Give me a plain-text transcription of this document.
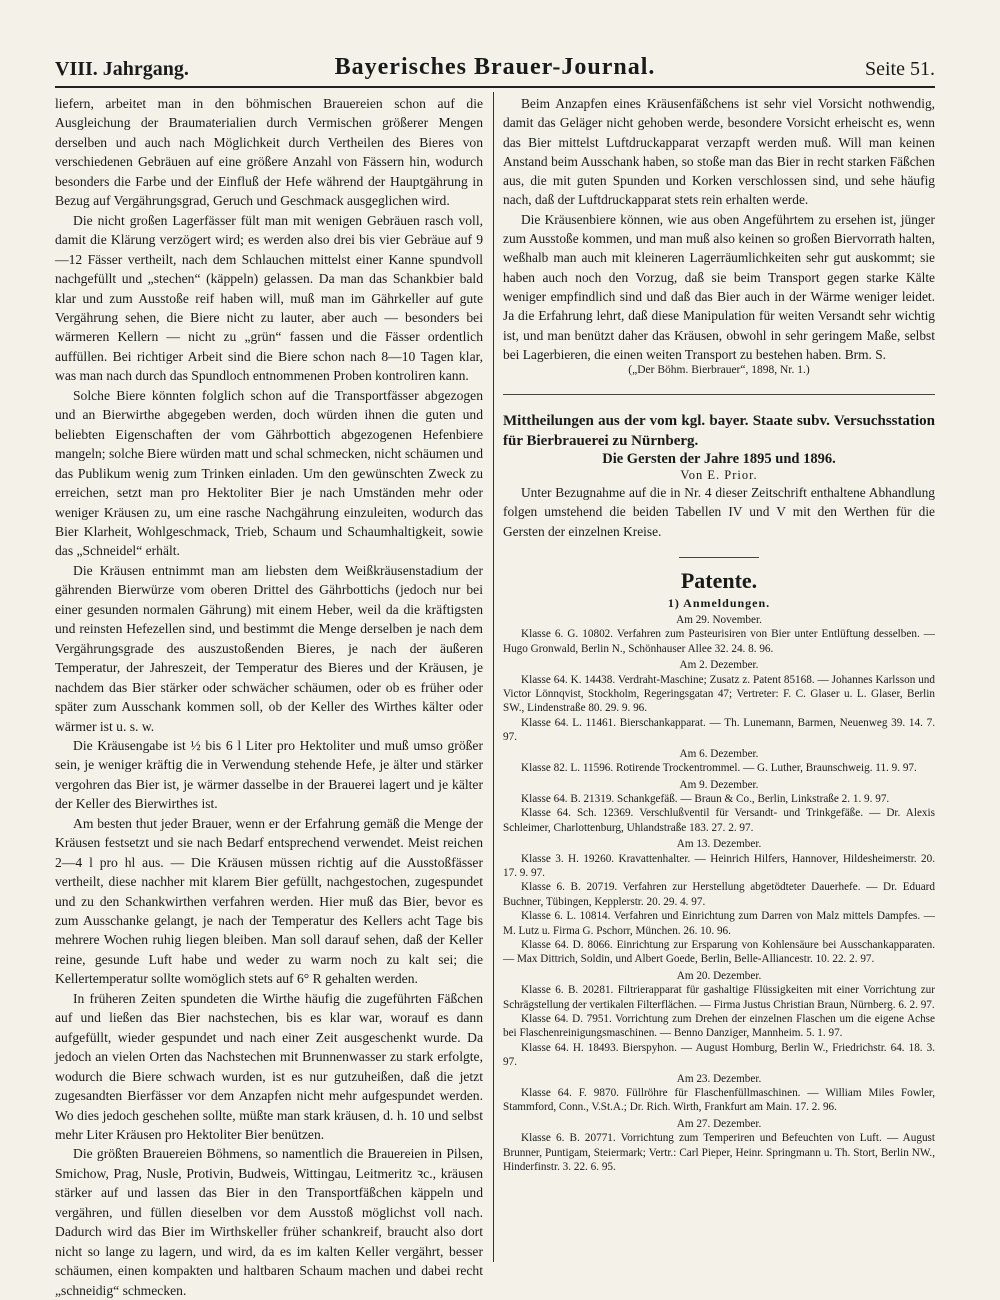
VIII. Jahrgang.	Bayerisches Brauer-Journal.	Seite 51.

liefern, arbeitet man in den böhmischen Brauereien schon auf die Ausgleichung der Braumaterialien durch Vermischen größerer Mengen derselben und auch nach Möglichkeit durch Vertheilen des Bieres von verschiedenen Gebräuen auf eine größere Anzahl von Fässern hin, wodurch besonders die Farbe und der Einfluß der Hefe während der Hauptgährung in Bezug auf Vergährungsgrad, Geruch und Geschmack ausgeglichen wird.

Die nicht großen Lagerfässer fült man mit wenigen Gebräuen rasch voll, damit die Klärung verzögert wird; es werden also drei bis vier Gebräue auf 9—12 Fässer vertheilt, nach dem Schlauchen mittelst einer Kanne spundvoll nachgefüllt und „stechen“ (käppeln) gelassen. Da man das Schankbier bald klar und zum Ausstoße reif haben will, muß man im Gährkeller auf gute Vergährung sehen, die Biere nicht zu lauter, aber auch — besonders bei wärmeren Kellern — nicht zu „grün“ fassen und die Fässer ordentlich auffüllen. Bei richtiger Arbeit sind die Biere schon nach 8—10 Tagen klar, was man nach durch das Spundloch entnommenen Proben kontroliren kann.

Solche Biere könnten folglich schon auf die Transportfässer abgezogen und an Bierwirthe abgegeben werden, doch würden ihnen die guten und beliebten Eigenschaften der vom Gährbottich abgezogenen Hefenbiere mangeln; solche Biere würden matt und schal schmecken, nicht schäumen und das Publikum wenig zum Trinken einladen. Um den gewünschten Zweck zu erreichen, setzt man pro Hektoliter Bier je nach Umständen mehr oder weniger Kräusen zu, um eine rasche Nachgährung einzuleiten, wodurch das Bier Klarheit, Wohlgeschmack, Trieb, Schaum und Schaumhaltigkeit, sowie das „Schneidel“ erhält.

Die Kräusen entnimmt man am liebsten dem Weißkräusenstadium der gährenden Bierwürze vom oberen Drittel des Gährbottichs (jedoch nur bei einer gesunden normalen Gährung) mit einem Heber, weil da die kräftigsten und reinsten Hefezellen sind, und bestimmt die Menge derselben je nach dem Vergährungsgrade des auszustoßenden Bieres, je nach der äußeren Temperatur, der Jahreszeit, der Temperatur des Bieres und der Kräusen, je nachdem das Bier stärker oder schwächer schäumen, oder ob es früher oder später zum Ausschank kommen soll, ob der Keller des Wirthes kälter oder wärmer ist u. s. w.

Die Kräusengabe ist ½ bis 6 l Liter pro Hektoliter und muß umso größer sein, je weniger kräftig die in Verwendung stehende Hefe, je älter und stärker vergohren das Bier ist, je wärmer dasselbe in der Brauerei lagert und je kälter der Keller des Bierwirthes ist.

Am besten thut jeder Brauer, wenn er der Erfahrung gemäß die Menge der Kräusen festsetzt und sie nach Bedarf entsprechend verwendet. Meist reichen 2—4 l pro hl aus. — Die Kräusen müssen richtig auf die Ausstoßfässer vertheilt, diese nachher mit klarem Bier gefüllt, nachgestochen, zugespundet und zu den Schankwirthen verfahren werden. Hier muß das Bier, bevor es zum Ausschanke gelangt, je nach der Temperatur des Kellers acht Tage bis mehrere Wochen ruhig liegen bleiben. Man soll darauf sehen, daß der Keller reine, gesunde Luft habe und weder zu warm noch zu kalt sei; die Kellertemperatur sollte womöglich stets auf 6° R gehalten werden.

In früheren Zeiten spundeten die Wirthe häufig die zugeführten Fäßchen auf und ließen das Bier nachstechen, bis es klar war, worauf es dann aufgefüllt, wieder gespundet und nach einer Zeit ausgeschenkt wurde. Da jedoch an vielen Orten das Nachstechen mit Brunnenwasser zu stark erfolgte, wodurch die Biere schwach wurden, ist es nur gutzuheißen, daß die jetzt zugesandten Bierfässer vor dem Anzapfen nicht mehr aufgespundet werden. Wo dies jedoch geschehen sollte, müßte man stark kräusen, d. h. 10 und selbst mehr Liter Kräusen pro Hektoliter Bier benützen.

Die größten Brauereien Böhmens, so namentlich die Brauereien in Pilsen, Smichow, Prag, Nusle, Protivin, Budweis, Wittingau, Leitmeritz ꝛc., kräusen stärker auf und lassen das Bier in den Transportfäßchen käppeln und vergähren, und füllen dieselben vor dem Ausstoß möglichst voll nach. Dadurch wird das Bier im Wirthskeller früher schankreif, braucht also dort nicht so lange zu lagern, und wird, da es im kalten Keller vergährt, besser schäumen, einen kompakten und haltbaren Schaum machen und dabei recht „schneidig“ schmecken.

Beim Anzapfen eines Kräusenfäßchens ist sehr viel Vorsicht nothwendig, damit das Geläger nicht gehoben werde, besondere Vorsicht erheischt es, wenn das Bier mittelst Luftdruckapparat verzapft werden muß. Will man keinen Anstand beim Ausschank haben, so stoße man das Bier in recht starken Fäßchen aus, die mit guten Spunden und Korken verschlossen sind, und sehe häufig nach, daß der Luftdruckapparat stets rein erhalten werde.

Die Kräusenbiere können, wie aus oben Angeführtem zu ersehen ist, jünger zum Ausstoße kommen, und man muß also keinen so großen Biervorrath halten, weßhalb man auch mit kleineren Lagerräumlichkeiten sehr gut auskommt; sie haben auch noch den Vorzug, daß sie beim Transport gegen starke Kälte weniger empfindlich sind und daß das Bier auch in der Wärme weniger leidet. Ja die Erfahrung lehrt, daß diese Manipulation für weiten Versandt sehr wichtig ist, und man benützt daher das Kräusen, obwohl in sehr geringem Maße, selbst bei Lagerbieren, die einen weiten Transport zu bestehen haben. Brm. S.

(„Der Böhm. Bierbrauer“, 1898, Nr. 1.)

Mittheilungen aus der vom kgl. bayer. Staate subv. Versuchsstation für Bierbrauerei zu Nürnberg.

Die Gersten der Jahre 1895 und 1896.

Von E. Prior.

Unter Bezugnahme auf die in Nr. 4 dieser Zeitschrift enthaltene Abhandlung folgen umstehend die beiden Tabellen IV und V mit den Werthen für die Gersten der einzelnen Kreise.

Patente.
1) Anmeldungen.
Am 29. November.

Klasse 6. G. 10802. Verfahren zum Pasteurisiren von Bier unter Entlüftung desselben. — Hugo Gronwald, Berlin N., Schönhauser Allee 32. 24. 8. 96.

Am 2. Dezember.

Klasse 64. K. 14438. Verdraht-Maschine; Zusatz z. Patent 85168. — Johannes Karlsson und Victor Lönnqvist, Stockholm, Regeringsgatan 47; Vertreter: F. C. Glaser u. L. Glaser, Berlin SW., Lindenstraße 80. 29. 9. 96.

Klasse 64. L. 11461. Bierschankapparat. — Th. Lunemann, Barmen, Neuenweg 39. 14. 7. 97.

Am 6. Dezember.

Klasse 82. L. 11596. Rotirende Trockentrommel. — G. Luther, Braunschweig. 11. 9. 97.

Am 9. Dezember.

Klasse 64. B. 21319. Schankgefäß. — Braun & Co., Berlin, Linkstraße 2. 1. 9. 97.

Klasse 64. Sch. 12369. Verschlußventil für Versandt- und Trinkgefäße. — Dr. Alexis Schleimer, Charlottenburg, Uhlandstraße 183. 27. 2. 97.

Am 13. Dezember.

Klasse 3. H. 19260. Kravattenhalter. — Heinrich Hilfers, Hannover, Hildesheimerstr. 20. 17. 9. 97.

Klasse 6. B. 20719. Verfahren zur Herstellung abgetödteter Dauerhefe. — Dr. Eduard Buchner, Tübingen, Kepplerstr. 20. 29. 4. 97.

Klasse 6. L. 10814. Verfahren und Einrichtung zum Darren von Malz mittels Dampfes. — M. Lutz u. Firma G. Pschorr, München. 26. 10. 96.

Klasse 64. D. 8066. Einrichtung zur Ersparung von Kohlensäure bei Ausschankapparaten. — Max Dittrich, Soldin, und Albert Goede, Berlin, Belle-Alliancestr. 10. 22. 2. 97.

Am 20. Dezember.

Klasse 6. B. 20281. Filtrierapparat für gashaltige Flüssigkeiten mit einer Vorrichtung zur Schrägstellung der vertikalen Filterflächen. — Firma Justus Christian Braun, Nürnberg. 6. 2. 97.

Klasse 64. D. 7951. Vorrichtung zum Drehen der einzelnen Flaschen um die eigene Achse bei Flaschenreinigungsmaschinen. — Benno Danziger, Mannheim. 5. 1. 97.

Klasse 64. H. 18493. Bierspyhon. — August Homburg, Berlin W., Friedrichstr. 64. 18. 3. 97.

Am 23. Dezember.

Klasse 64. F. 9870. Füllröhre für Flaschenfüllmaschinen. — William Miles Fowler, Stammford, Conn., V.St.A.; Dr. Rich. Wirth, Frankfurt am Main. 17. 2. 96.

Am 27. Dezember.

Klasse 6. B. 20771. Vorrichtung zum Temperiren und Befeuchten von Luft. — August Brunner, Puntigam, Steiermark; Vertr.: Carl Pieper, Heinr. Springmann u. Th. Stort, Berlin NW., Hinderfinstr. 3. 22. 6. 95.
